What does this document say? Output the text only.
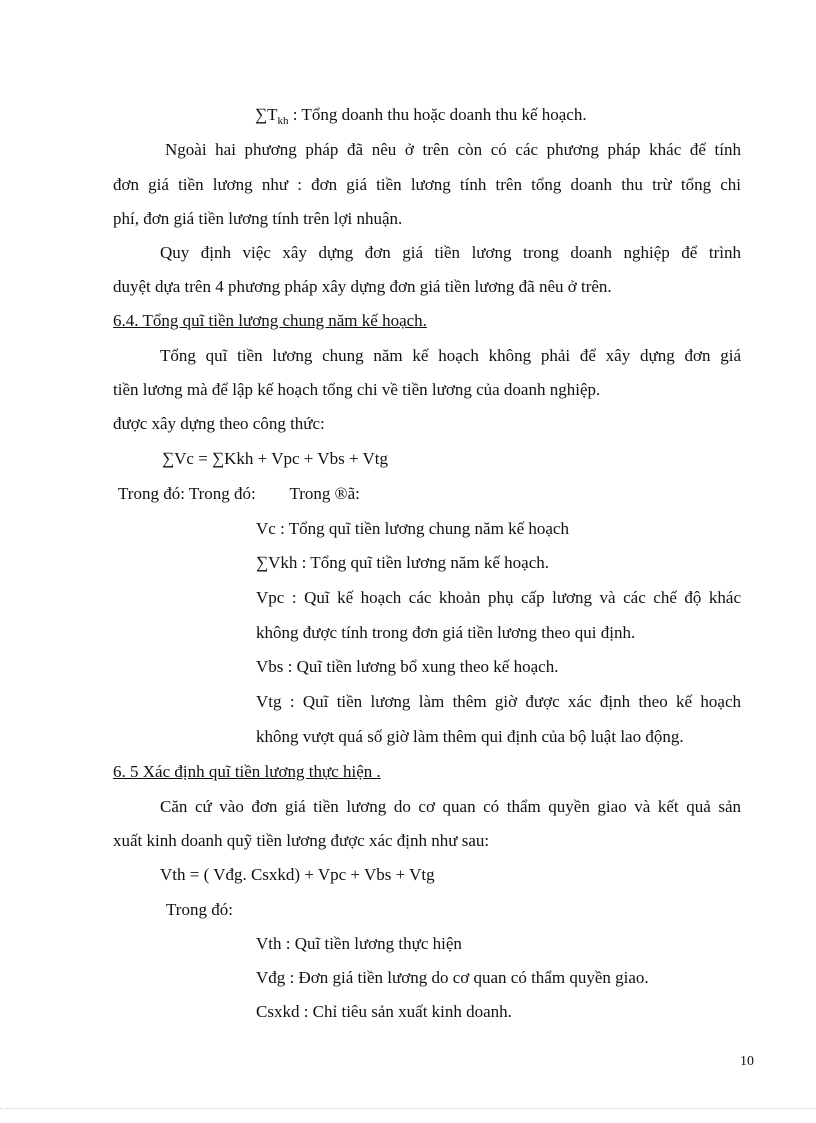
$\sum T_{kh}$ : Tổng doanh thu hoặc doanh thu kế hoạch.

Ngoài hai phương pháp đã nêu ở trên còn có các phương pháp khác để tính

đơn giá tiền lương như : đơn giá tiền lương tính trên tổng doanh thu trừ tổng chi

phí, đơn giá tiền lương tính trên lợi nhuận.

Quy định việc xây dựng đơn giá tiền lương trong doanh nghiệp để trình

duyệt dựa trên 4 phương pháp xây dựng đơn giá tiền lương đã nêu ở trên.

6.4. Tổng quĩ tiền lương chung năm kế hoạch.

Tổng quĩ tiền lương chung năm kế hoạch không phải để xây dựng đơn giá

tiền lương mà để lập kế hoạch tổng chi về tiền lương của doanh nghiệp.

được xây dựng theo công thức:

∑Vc = ∑Kkh + Vpc + Vbs + Vtg

Trong đó: Trong đó:        Trong ®ã:

Vc : Tổng quĩ tiền lương chung năm kế hoạch

∑Vkh : Tổng quĩ tiền lương năm kế hoạch.

Vpc : Quĩ kế hoạch các khoản phụ cấp lương và các chế độ khác

không được tính trong đơn giá tiền lương theo qui định.

Vbs : Quĩ tiền lương bổ xung theo kế hoạch.

Vtg : Quĩ tiền lương làm thêm giờ được xác định theo kế hoạch

không vượt quá số giờ làm thêm qui định của bộ luật lao động.

6. 5 Xác định quĩ tiền lương thực hiện .

Căn cứ vào đơn giá tiền lương do cơ quan có thẩm quyền giao và kết quả sản

xuất kinh doanh quỹ tiền lương được xác định như sau:

Vth = ( Vđg. Csxkd) + Vpc + Vbs + Vtg

Trong đó:

Vth : Quĩ tiền lương thực hiện

Vđg : Đơn giá tiền lương do cơ quan có thẩm quyền giao.

Csxkd : Chỉ tiêu sản xuất kinh doanh.

10
